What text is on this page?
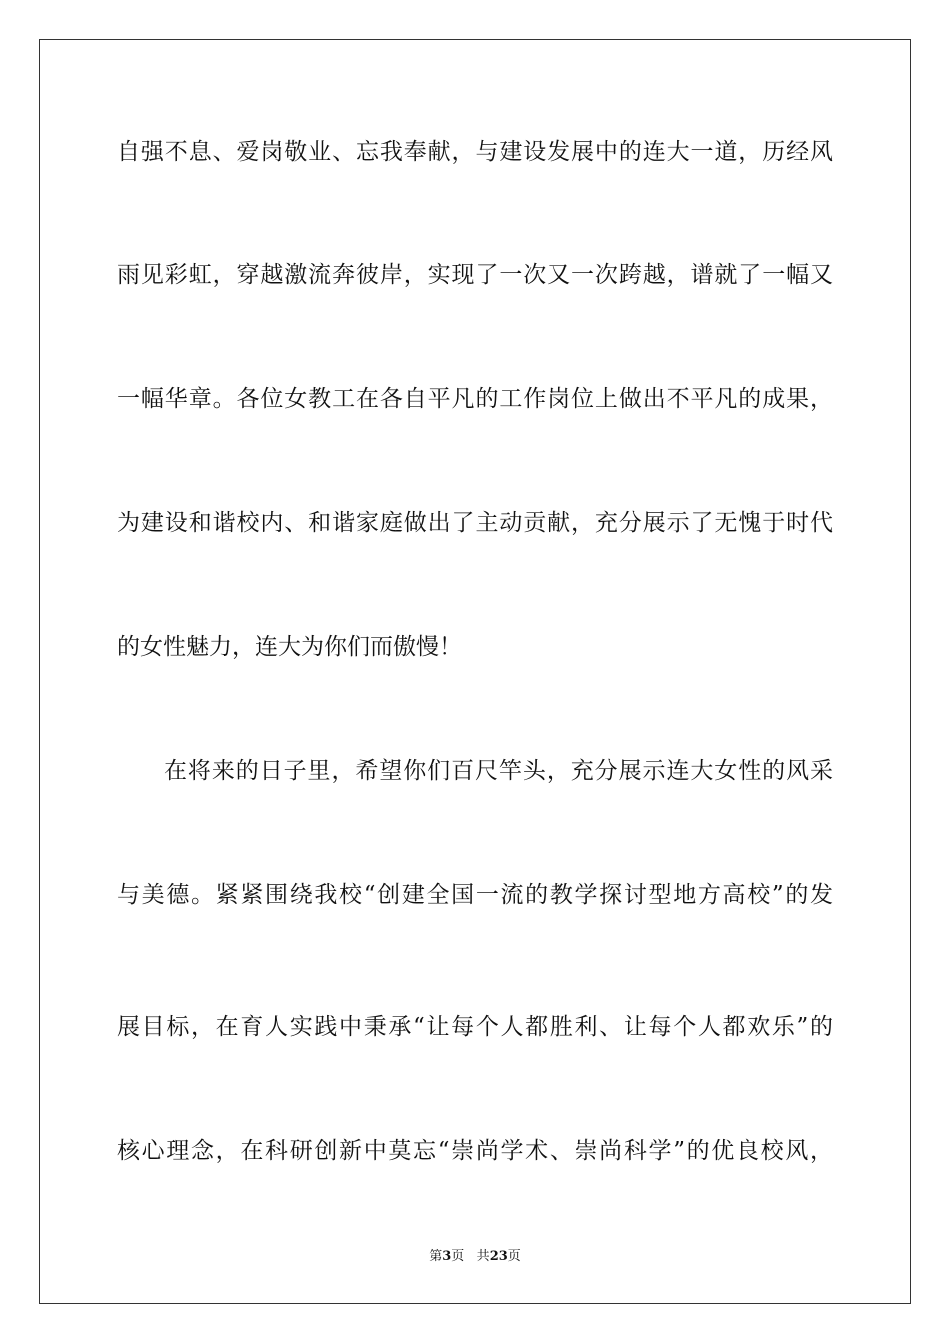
自强不息、爱岗敬业、忘我奉献，与建设发展中的连大一道，历经风
雨见彩虹，穿越激流奔彼岸，实现了一次又一次跨越，谱就了一幅又
一幅华章。各位女教工在各自平凡的工作岗位上做出不平凡的成果，
为建设和谐校内、和谐家庭做出了主动贡献，充分展示了无愧于时代
的女性魅力，连大为你们而傲慢！
在将来的日子里，希望你们百尺竿头，充分展示连大女性的风采
与美德。紧紧围绕我校“创建全国一流的教学探讨型地方高校”的发
展目标，在育人实践中秉承“让每个人都胜利、让每个人都欢乐”的
核心理念，在科研创新中莫忘“崇尚学术、崇尚科学”的优良校风，
第3页 共23页
